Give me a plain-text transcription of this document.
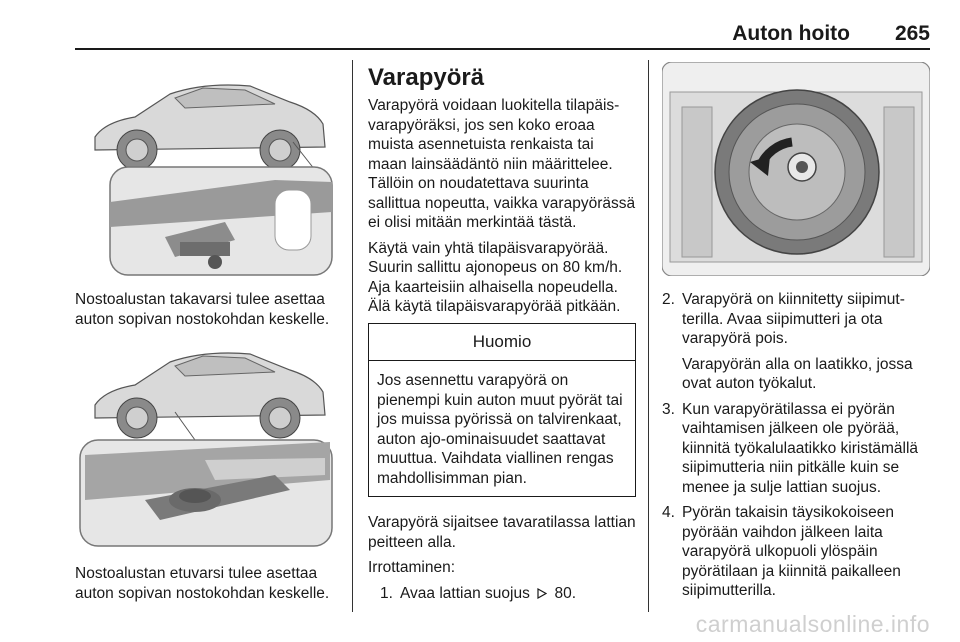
Auton hoito 265

Nostoalustan takavarsi tulee asettaa auton sopivan nostokohdan keskelle.

Nostoalustan etuvarsi tulee asettaa auton sopivan nostokohdan keskelle.

Varapyörä

Varapyörä voidaan luokitella tilapäisvarapyöräksi, jos sen koko eroaa muista asennetuista renkaista tai maan lainsäädäntö niin määrittelee. Tällöin on noudatettava suurinta sallittua nopeutta, vaikka varapyörässä ei olisi mitään merkintää tästä.

Käytä vain yhtä tilapäisvarapyörää. Suurin sallittu ajonopeus on 80 km/h. Aja kaarteisiin alhaisella nopeudella. Älä käytä tilapäisvarapyörää pitkään.

Huomio
Jos asennettu varapyörä on pienempi kuin auton muut pyörät tai jos muissa pyörissä on talvirenkaat, auton ajo-ominaisuudet saattavat muuttua. Vaihdata viallinen rengas mahdollisimman pian.

Varapyörä sijaitsee tavaratilassa lattian peitteen alla.

Irrottaminen:

1. Avaa lattian suojus 80.
2. Varapyörä on kiinnitetty siipimutterilla. Avaa siipimutteri ja ota varapyörä pois.
Varapyörän alla on laatikko, jossa ovat auton työkalut.
3. Kun varapyörätilassa ei pyörän vaihtamisen jälkeen ole pyörää, kiinnitä työkalulaatikko kiristämällä siipimutteria niin pitkälle kuin se menee ja sulje lattian suojus.
4. Pyörän takaisin täysikokoiseen pyörään vaihdon jälkeen laita varapyörä ulkopuoli ylöspäin pyörätilaan ja kiinnitä paikalleen siipimutterilla.
carmanualsonline.info
